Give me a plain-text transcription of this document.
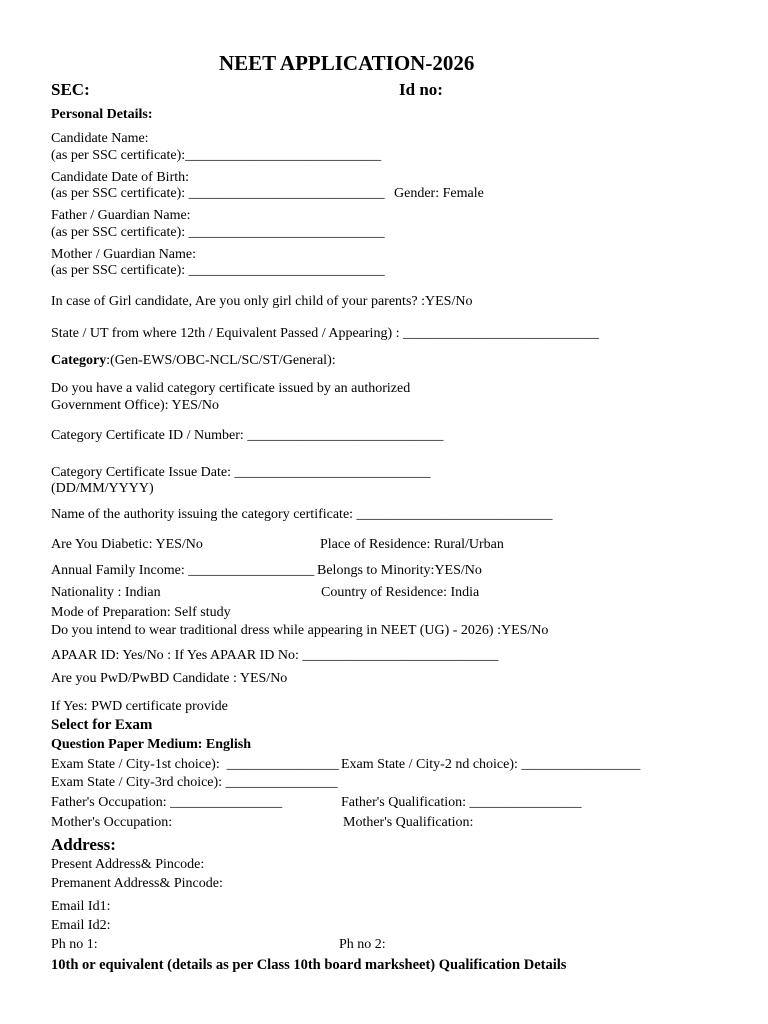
NEET APPLICATION-2026
SEC:	Id no:
Personal Details:
Candidate Name:
(as per SSC certificate):____________________________
Candidate Date of Birth:
(as per SSC certificate): ____________________________ Gender: Female
Father / Guardian Name:
(as per SSC certificate): ____________________________
Mother / Guardian Name:
(as per SSC certificate): ____________________________
In case of Girl candidate, Are you only girl child of your parents? :YES/No
State / UT from where 12th / Equivalent Passed / Appearing) : ____________________________
Category:(Gen-EWS/OBC-NCL/SC/ST/General):
Do you have a valid category certificate issued by an authorized
Government Office): YES/No
Category Certificate ID / Number: ____________________________
Category Certificate Issue Date: ____________________________
(DD/MM/YYYY)
Name of the authority issuing the category certificate: ____________________________
Are You Diabetic: YES/No	Place of Residence: Rural/Urban
Annual Family Income: __________________ Belongs to Minority:YES/No
Nationality : Indian	Country of Residence: India
Mode of Preparation: Self study
Do you intend to wear traditional dress while appearing in NEET (UG) - 2026) :YES/No
APAAR ID: Yes/No : If Yes APAAR ID No: ____________________________
Are you PwD/PwBD Candidate : YES/No
If Yes: PWD certificate provide
Select for Exam
Question Paper Medium: English
Exam State / City-1st choice):  ________________ Exam State / City-2 nd choice): _________________
Exam State / City-3rd choice): ________________
Father's Occupation: ________________	Father's Qualification: ________________
Mother's Occupation:	Mother's Qualification:
Address:
Present Address& Pincode:
Premanent Address& Pincode:
Email Id1:
Email Id2:
Ph no 1:	Ph no 2:
10th or equivalent (details as per Class 10th board marksheet) Qualification Details
